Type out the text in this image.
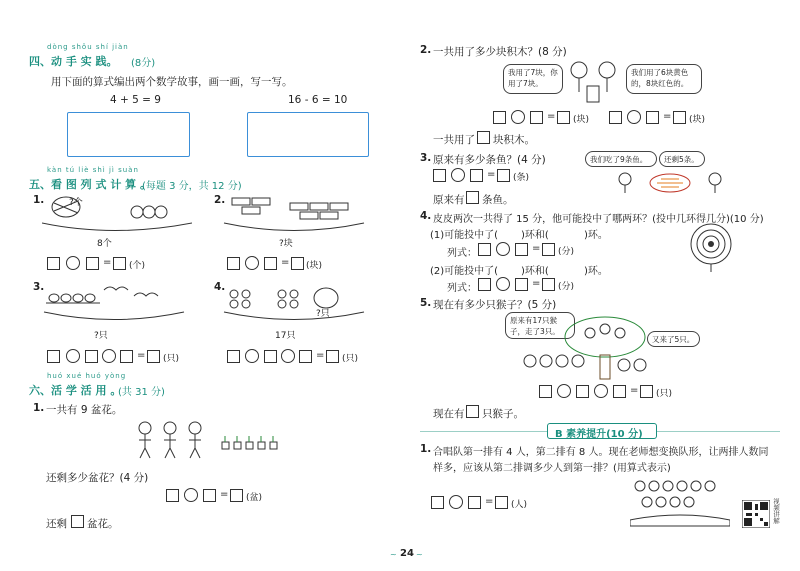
dòng shǒu shí jiàn
四、动 手 实 践。 (8分)
用下面的算式编出两个数学故事，画一画，写一写。
4 + 5 = 9	16 - 6 = 10
kàn tú liè shì jì suàn
五、看 图 列 式 计 算 。
(每题 3 分，共 12 分)
1.	?个
8个
= (个)
2.
?块
= (块)
3.
?只
= (只)
4.
?只
17只
= (只)
huó xué huó yòng
六、活 学 活 用 。
(共 31 分)
1. 一共有 9 盆花。
还剩多少盆花？(4 分)
= (盆)
还剩 盆花。
2. 一共用了多少块积木？(8 分)
我用了7块，你用了7块。
我们用了6块黄色的，8块红色的。
= (块)	= (块)
一共用了 块积木。
3. 原来有多少条鱼？(4 分)	我们吃了9条鱼。	还剩5条。
= (条)
原来有 条鱼。
4. 皮皮两次一共得了 15 分，他可能投中了哪两环？(投中几环得几分)(10 分)
(1)可能投中了( )环和(	)环。
列式：	= (分)
(2)可能投中了( )环和(	)环。
列式：	= (分)
5. 现在有多少只猴子？(5 分)
原来有17只猴子，走了3只。
又来了5只。
= (只)
现在有 只猴子。
B 素养提升(10 分)
1. 合唱队第一排有 4 人，第二排有 8 人。现在老师想变换队形，让两排人数同
样多，应该从第二排调多少人到第一排？(用算式表示)
= (人)	视频讲解
~ 24 ~
